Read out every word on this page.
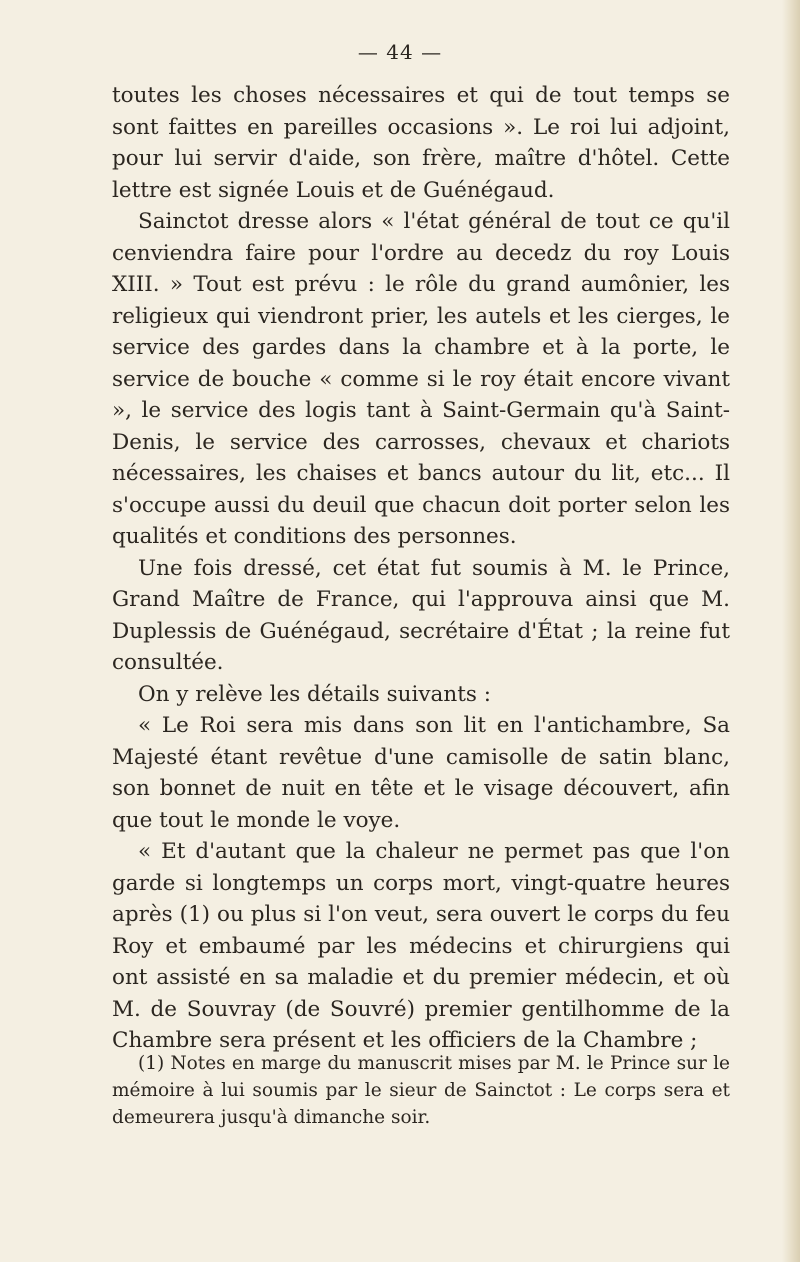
— 44 —

toutes les choses nécessaires et qui de tout temps se sont faittes en pareilles occasions ». Le roi lui adjoint, pour lui servir d'aide, son frère, maître d'hôtel. Cette lettre est signée Louis et de Guénégaud.

Sainctot dresse alors « l'état général de tout ce qu'il cenviendra faire pour l'ordre au decedz du roy Louis XIII. » Tout est prévu : le rôle du grand aumônier, les religieux qui viendront prier, les autels et les cierges, le service des gardes dans la chambre et à la porte, le service de bouche « comme si le roy était encore vivant », le service des logis tant à Saint-Germain qu'à Saint-Denis, le service des carrosses, chevaux et chariots nécessaires, les chaises et bancs autour du lit, etc... Il s'occupe aussi du deuil que chacun doit porter selon les qualités et conditions des personnes.

Une fois dressé, cet état fut soumis à M. le Prince, Grand Maître de France, qui l'approuva ainsi que M. Duplessis de Guénégaud, secrétaire d'État ; la reine fut consultée.

On y relève les détails suivants :

« Le Roi sera mis dans son lit en l'antichambre, Sa Majesté étant revêtue d'une camisolle de satin blanc, son bonnet de nuit en tête et le visage découvert, afin que tout le monde le voye.

« Et d'autant que la chaleur ne permet pas que l'on garde si longtemps un corps mort, vingt-quatre heures après (1) ou plus si l'on veut, sera ouvert le corps du feu Roy et embaumé par les médecins et chirurgiens qui ont assisté en sa maladie et du premier médecin, et où M. de Souvray (de Souvré) premier gentilhomme de la Chambre sera présent et les officiers de la Chambre ;

(1) Notes en marge du manuscrit mises par M. le Prince sur le mémoire à lui soumis par le sieur de Sainctot : Le corps sera et demeurera jusqu'à dimanche soir.
